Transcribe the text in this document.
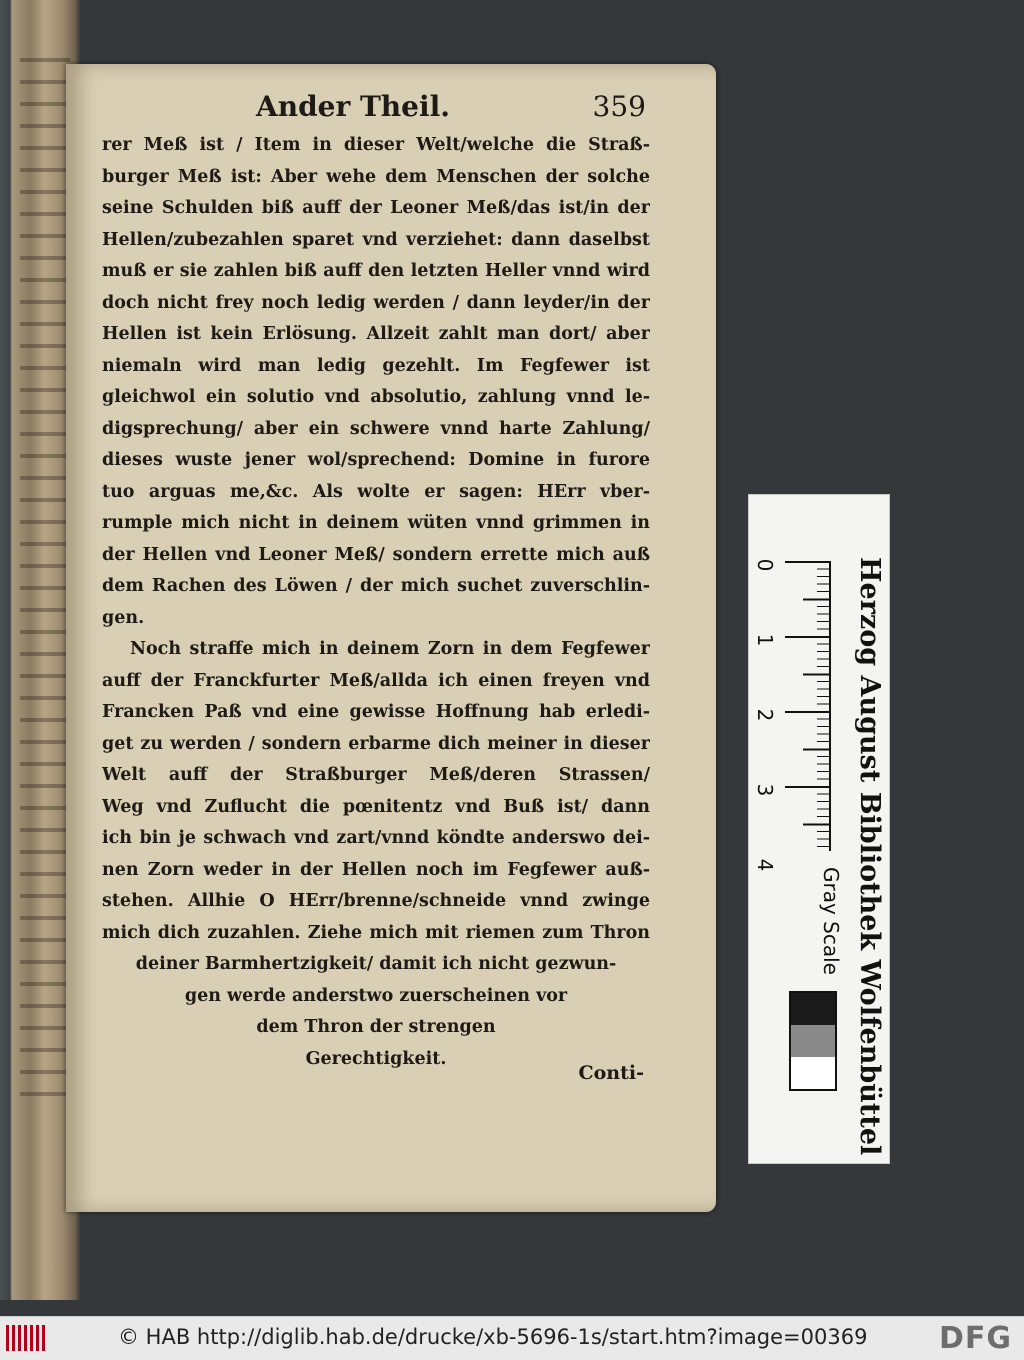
Ander Theil.	359
rer Meß ist / Item in dieser Welt/welche die Straß-
burger Meß ist: Aber wehe dem Menschen der solche
seine Schulden biß auff der Leoner Meß/das ist/in der
Hellen/zubezahlen sparet vnd verziehet: dann daselbst
muß er sie zahlen biß auff den letzten Heller vnnd wird
doch nicht frey noch ledig werden / dann leyder/in der
Hellen ist kein Erlösung. Allzeit zahlt man dort/ aber
niemaln wird man ledig gezehlt. Im Fegfewer ist
gleichwol ein solutio vnd absolutio, zahlung vnnd le-
digsprechung/ aber ein schwere vnnd harte Zahlung/
dieses wuste jener wol/sprechend: Domine in furore
tuo arguas me,&c. Als wolte er sagen: HErr vber-
rumple mich nicht in deinem wüten vnnd grimmen in
der Hellen vnd Leoner Meß/ sondern errette mich auß
dem Rachen des Löwen / der mich suchet zuverschlin-
gen.
Noch straffe mich in deinem Zorn in dem Fegfewer
auff der Franckfurter Meß/allda ich einen freyen vnd
Francken Paß vnd eine gewisse Hoffnung hab erledi-
get zu werden / sondern erbarme dich meiner in dieser
Welt auff der Straßburger Meß/deren Strassen/
Weg vnd Zuflucht die pœnitentz vnd Buß ist/ dann
ich bin je schwach vnd zart/vnnd köndte anderswo dei-
nen Zorn weder in der Hellen noch im Fegfewer auß-
stehen. Allhie O HErr/brenne/schneide vnnd zwinge
mich dich zuzahlen. Ziehe mich mit riemen zum Thron
deiner Barmhertzigkeit/ damit ich nicht gezwun-
gen werde anderstwo zuerscheinen vor
dem Thron der strengen
Gerechtigkeit.
Conti-
0
1
2
3
4
Gray Scale Herzog August Bibliothek Wolfenbüttel
© HAB http://diglib.hab.de/drucke/xb-5696-1s/start.htm?image=00369 DFG
